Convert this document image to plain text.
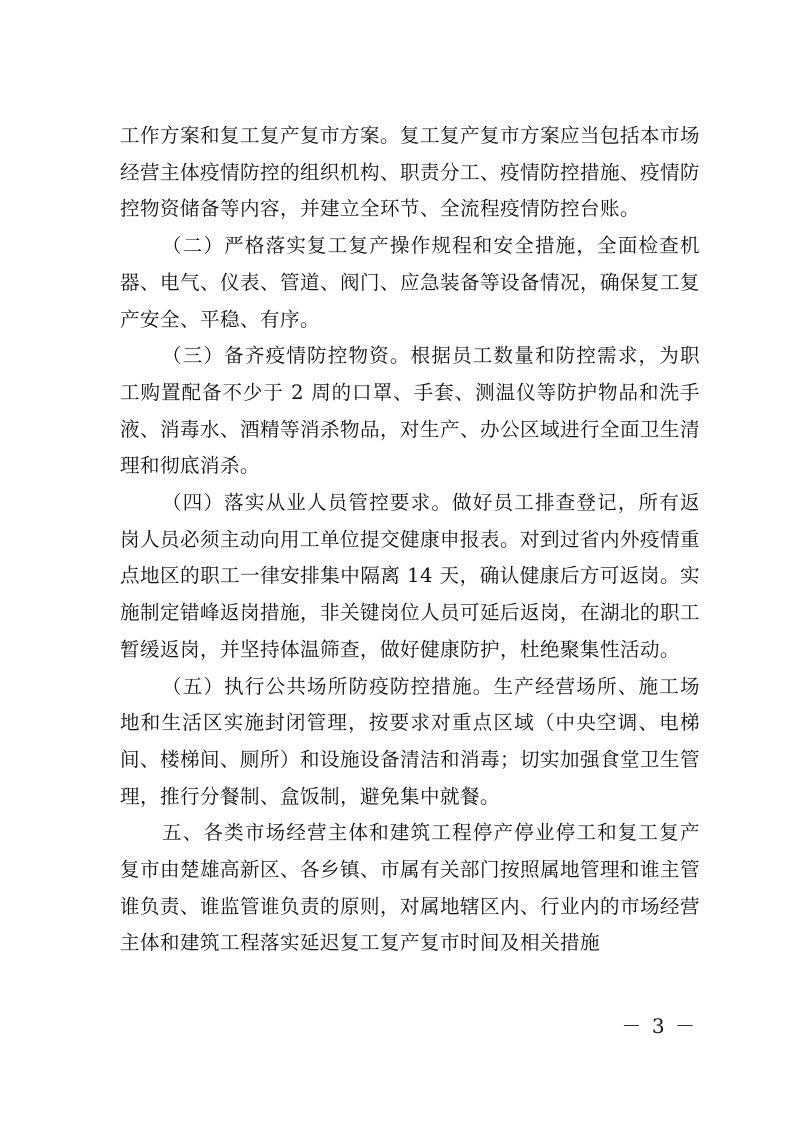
工作方案和复工复产复市方案。复工复产复市方案应当包括本市场经营主体疫情防控的组织机构、职责分工、疫情防控措施、疫情防控物资储备等内容，并建立全环节、全流程疫情防控台账。

（二）严格落实复工复产操作规程和安全措施，全面检查机器、电气、仪表、管道、阀门、应急装备等设备情况，确保复工复产安全、平稳、有序。

（三）备齐疫情防控物资。根据员工数量和防控需求，为职工购置配备不少于 2 周的口罩、手套、测温仪等防护物品和洗手液、消毒水、酒精等消杀物品，对生产、办公区域进行全面卫生清理和彻底消杀。

（四）落实从业人员管控要求。做好员工排查登记，所有返岗人员必须主动向用工单位提交健康申报表。对到过省内外疫情重点地区的职工一律安排集中隔离 14 天，确认健康后方可返岗。实施制定错峰返岗措施，非关键岗位人员可延后返岗，在湖北的职工暂缓返岗，并坚持体温筛查，做好健康防护，杜绝聚集性活动。

（五）执行公共场所防疫防控措施。生产经营场所、施工场地和生活区实施封闭管理，按要求对重点区域（中央空调、电梯间、楼梯间、厕所）和设施设备清洁和消毒；切实加强食堂卫生管理，推行分餐制、盒饭制，避免集中就餐。

五、各类市场经营主体和建筑工程停产停业停工和复工复产复市由楚雄高新区、各乡镇、市属有关部门按照属地管理和谁主管谁负责、谁监管谁负责的原则，对属地辖区内、行业内的市场经营主体和建筑工程落实延迟复工复产复市时间及相关措施

－ 3 －
